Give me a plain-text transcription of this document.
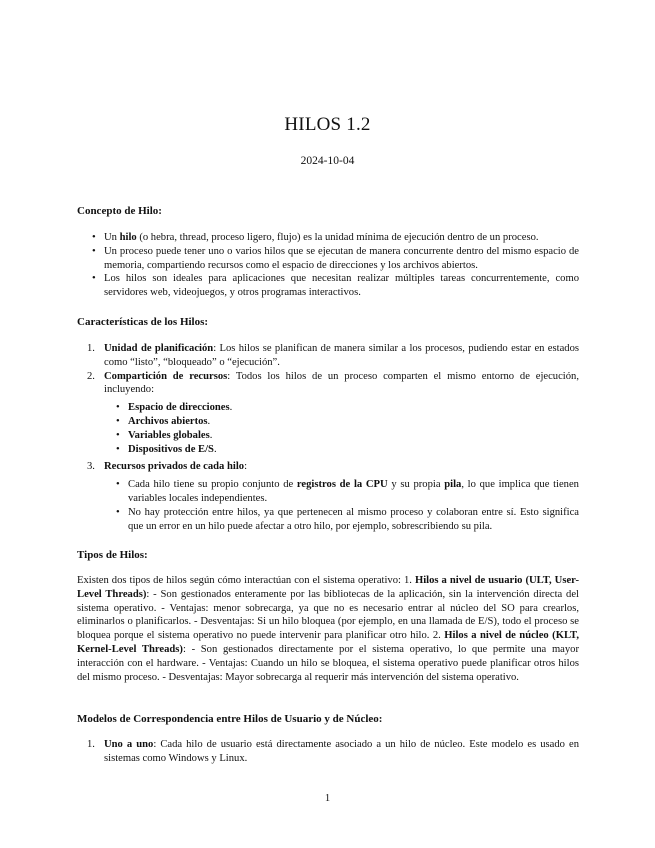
HILOS 1.2
2024-10-04
Concepto de Hilo:
• Un hilo (o hebra, thread, proceso ligero, flujo) es la unidad mínima de ejecución dentro de un proceso.
• Un proceso puede tener uno o varios hilos que se ejecutan de manera concurrente dentro del mismo espacio de memoria, compartiendo recursos como el espacio de direcciones y los archivos abiertos.
• Los hilos son ideales para aplicaciones que necesitan realizar múltiples tareas concurrentemente, como servidores web, videojuegos, y otros programas interactivos.
Características de los Hilos:
1. Unidad de planificación: Los hilos se planifican de manera similar a los procesos, pudiendo estar en estados como “listo”, “bloqueado” o “ejecución”.
2. Compartición de recursos: Todos los hilos de un proceso comparten el mismo entorno de ejecución, incluyendo:
• Espacio de direcciones.
• Archivos abiertos.
• Variables globales.
• Dispositivos de E/S.
3. Recursos privados de cada hilo:
• Cada hilo tiene su propio conjunto de registros de la CPU y su propia pila, lo que implica que tienen variables locales independientes.
• No hay protección entre hilos, ya que pertenecen al mismo proceso y colaboran entre sí. Esto significa que un error en un hilo puede afectar a otro hilo, por ejemplo, sobrescribiendo su pila.
Tipos de Hilos:
Existen dos tipos de hilos según cómo interactúan con el sistema operativo: 1. Hilos a nivel de usuario (ULT, User-Level Threads): - Son gestionados enteramente por las bibliotecas de la aplicación, sin la intervención directa del sistema operativo. - Ventajas: menor sobrecarga, ya que no es necesario entrar al núcleo del SO para crearlos, eliminarlos o planificarlos. - Desventajas: Si un hilo bloquea (por ejemplo, en una llamada de E/S), todo el proceso se bloquea porque el sistema operativo no puede intervenir para planificar otro hilo. 2. Hilos a nivel de núcleo (KLT, Kernel-Level Threads): - Son gestionados directamente por el sistema operativo, lo que permite una mayor interacción con el hardware. - Ventajas: Cuando un hilo se bloquea, el sistema operativo puede planificar otros hilos del mismo proceso. - Desventajas: Mayor sobrecarga al requerir más intervención del sistema operativo.
Modelos de Correspondencia entre Hilos de Usuario y de Núcleo:
1. Uno a uno: Cada hilo de usuario está directamente asociado a un hilo de núcleo. Este modelo es usado en sistemas como Windows y Linux.
1
